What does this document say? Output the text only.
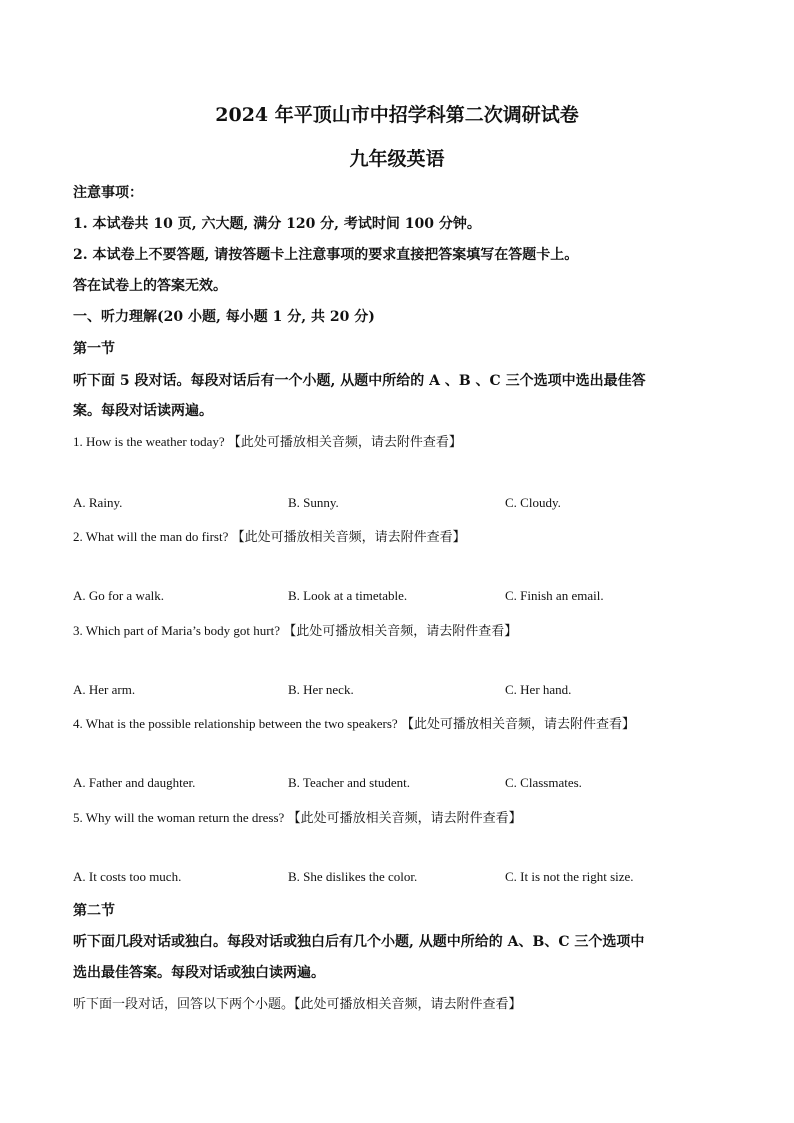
2024 年平顶山市中招学科第二次调研试卷
九年级英语
注意事项：
1. 本试卷共 10 页, 六大题, 满分 120 分, 考试时间 100 分钟。
2. 本试卷上不要答题, 请按答题卡上注意事项的要求直接把答案填写在答题卡上。
答在试卷上的答案无效。
一、听力理解(20 小题, 每小题 1 分, 共 20 分)
第一节
听下面 5 段对话。每段对话后有一个小题, 从题中所给的 A 、B 、C 三个选项中选出最佳答
案。每段对话读两遍。
1. How is the weather today? 【此处可播放相关音频，请去附件查看】
A. Rainy.	B. Sunny.	C. Cloudy.
2. What will the man do first? 【此处可播放相关音频，请去附件查看】
A. Go for a walk.	B. Look at a timetable.	C. Finish an email.
3. Which part of Maria’s body got hurt? 【此处可播放相关音频，请去附件查看】
A. Her arm.	B. Her neck.	C. Her hand.
4. What is the possible relationship between the two speakers? 【此处可播放相关音频，请去附件查看】
A. Father and daughter.	B. Teacher and student.	C. Classmates.
5. Why will the woman return the dress? 【此处可播放相关音频，请去附件查看】
A. It costs too much.	B. She dislikes the color.	C. It is not the right size.
第二节
听下面几段对话或独白。每段对话或独白后有几个小题, 从题中所给的 A、B、C 三个选项中
选出最佳答案。每段对话或独白读两遍。
听下面一段对话，回答以下两个小题。【此处可播放相关音频，请去附件查看】
